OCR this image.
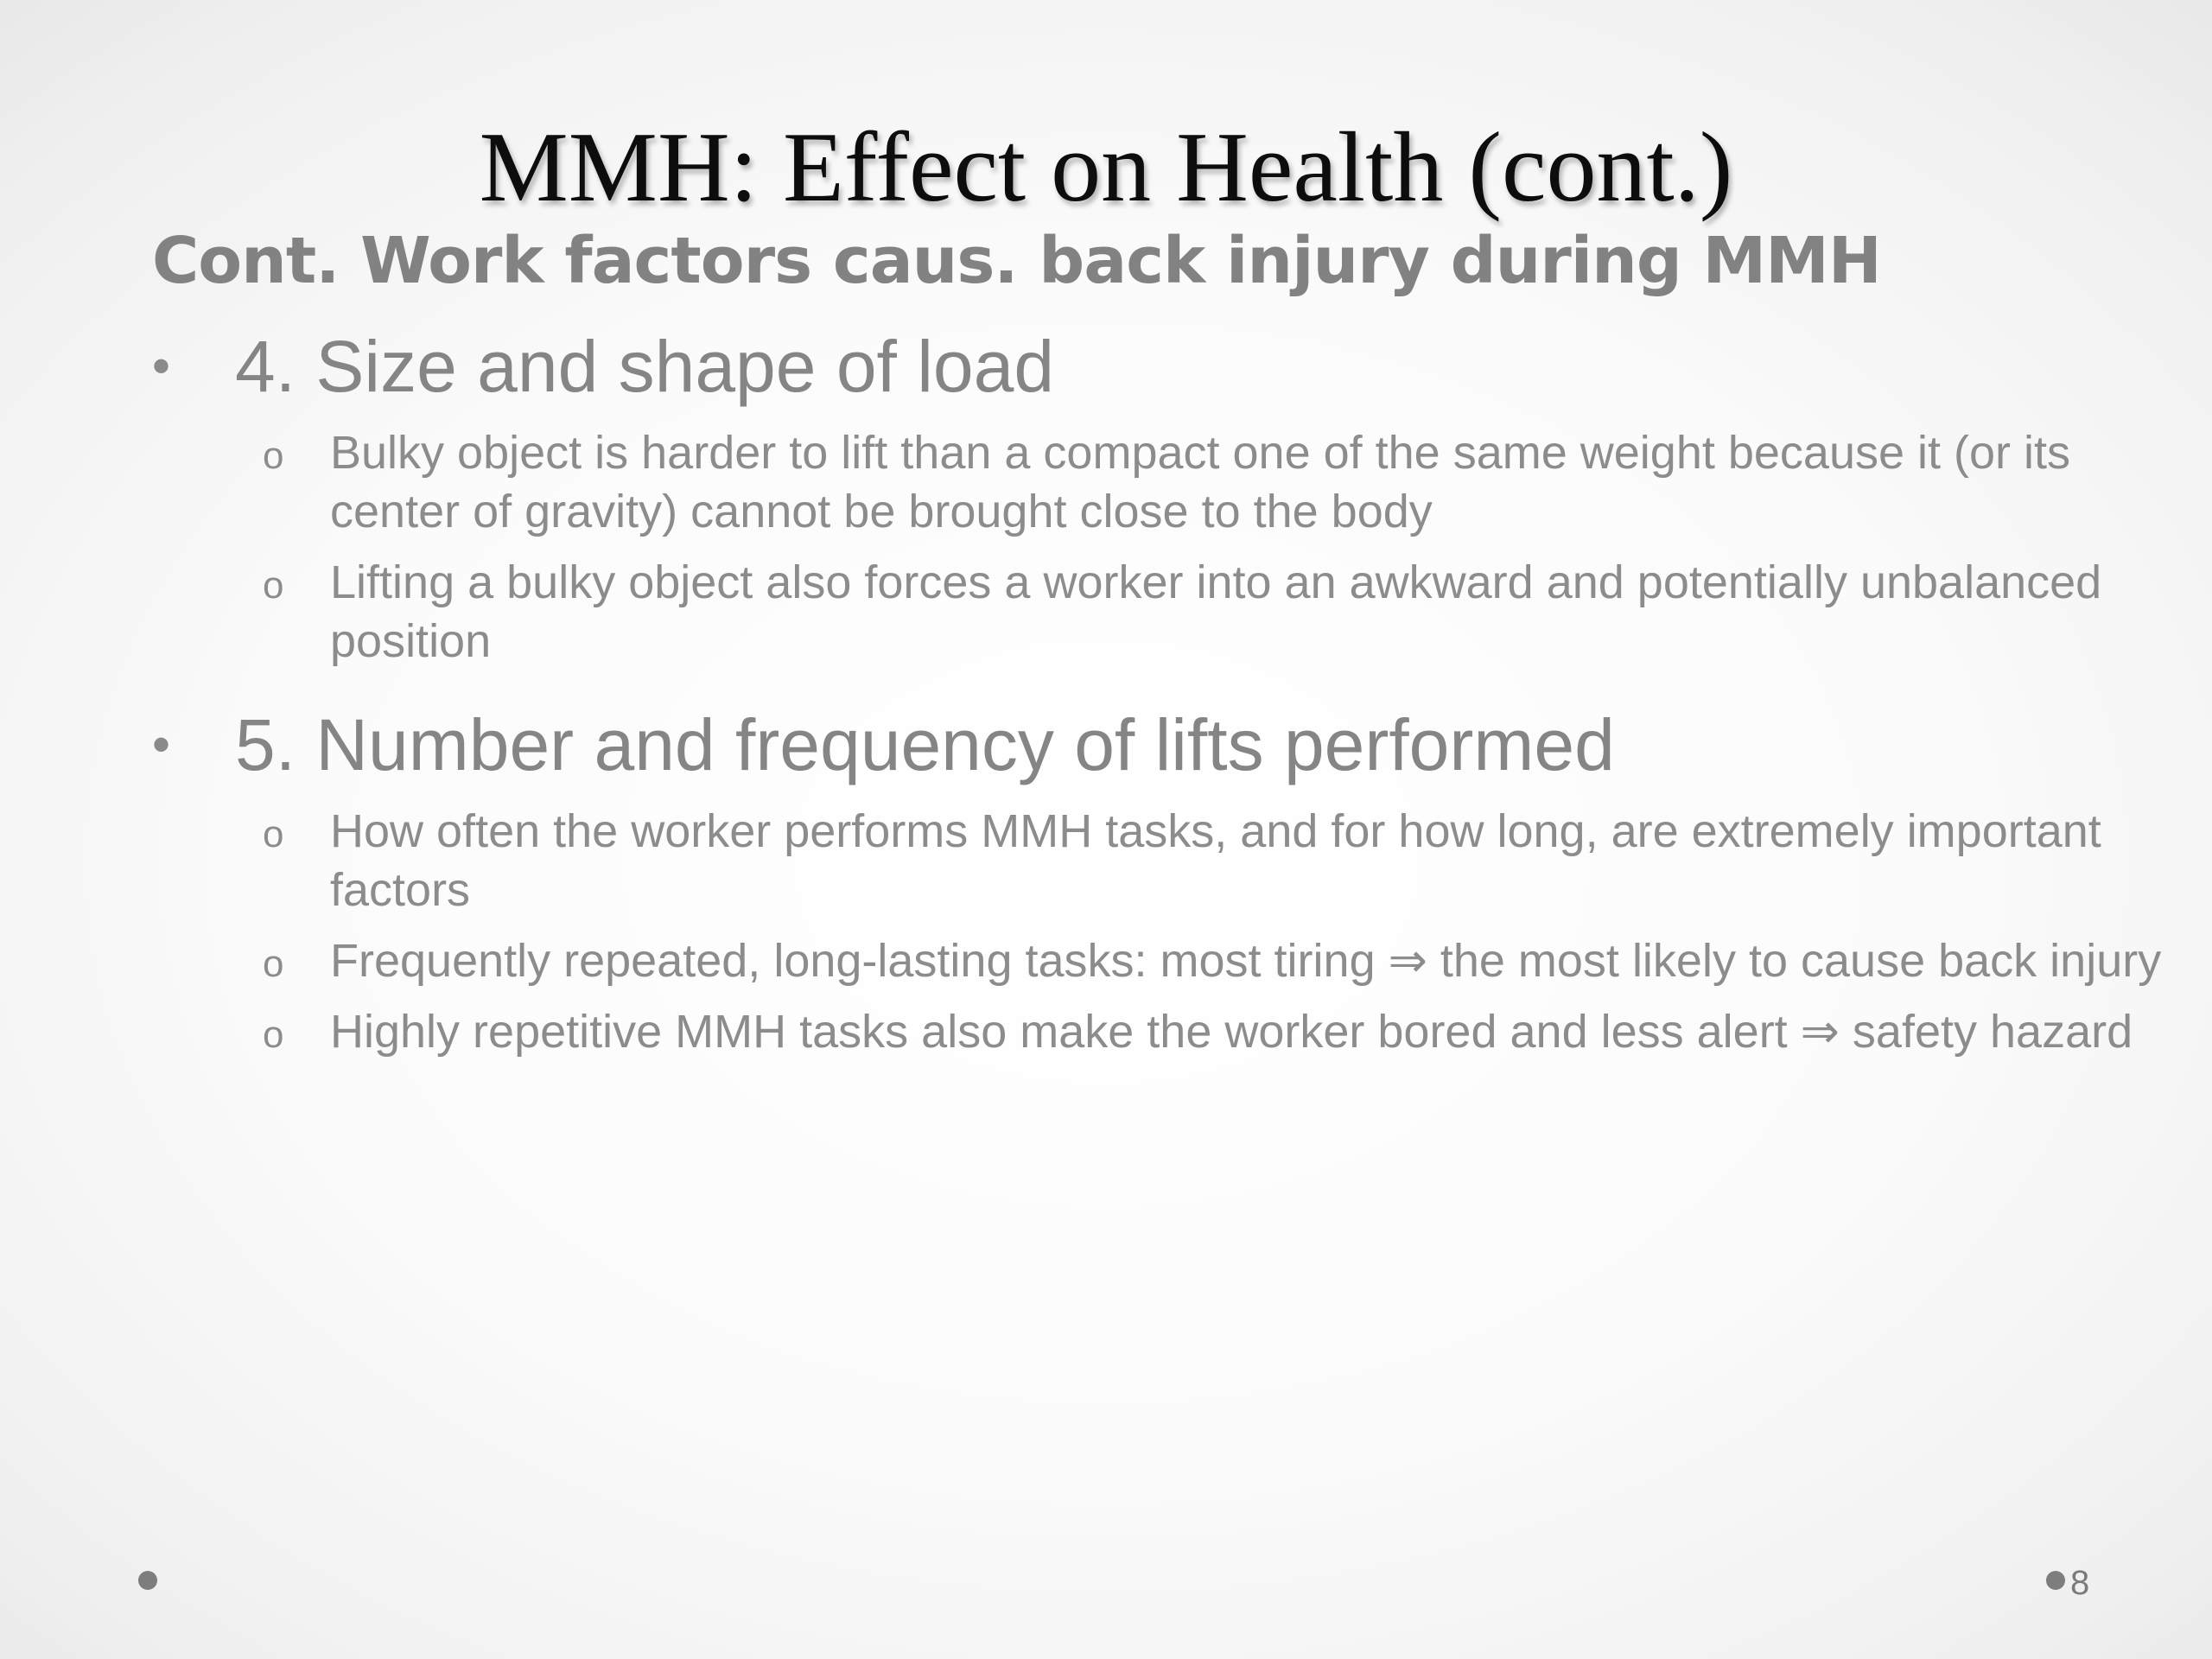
MMH: Effect on Health (cont.)
Cont. Work factors caus. back injury during MMH

• 4. Size and shape of load

o Bulky object is harder to lift than a compact one of the same weight because it (or its center of gravity) cannot be brought close to the body

o Lifting a bulky object also forces a worker into an awkward and potentially unbalanced position

• 5. Number and frequency of lifts performed

o How often the worker performs MMH tasks, and for how long, are extremely important factors

o Frequently repeated, long-lasting tasks: most tiring ⇒ the most likely to cause back injury

o Highly repetitive MMH tasks also make the worker bored and less alert ⇒ safety hazard

8
